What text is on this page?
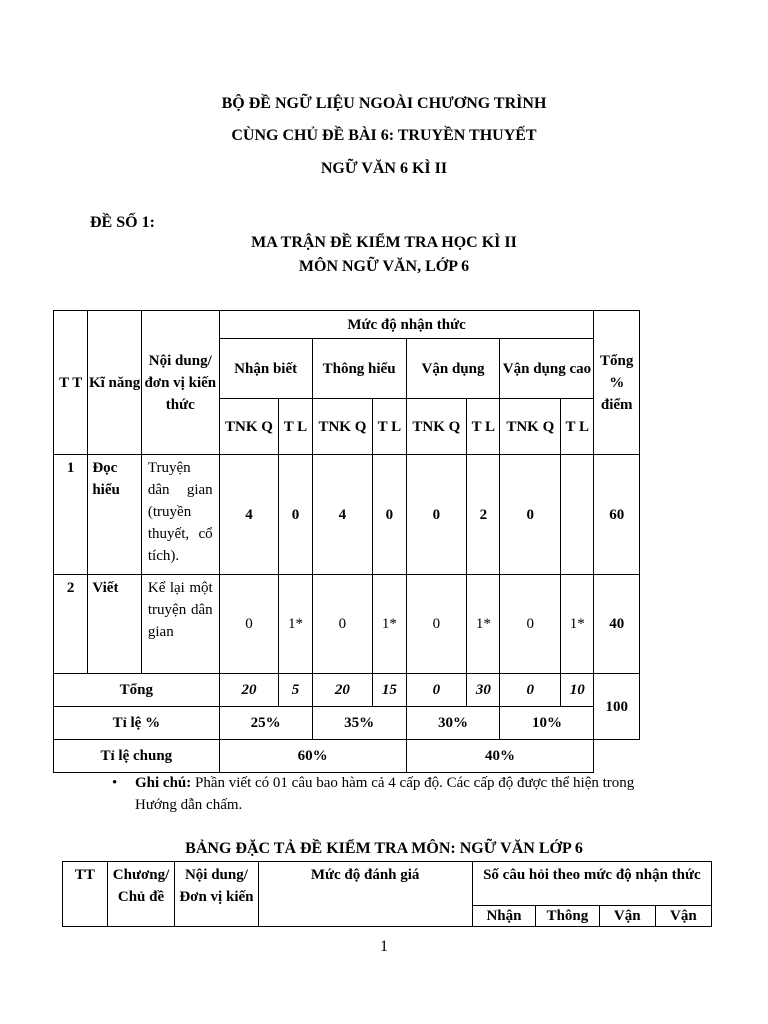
BỘ ĐỀ NGỮ LIỆU NGOÀI CHƯƠNG TRÌNH
CÙNG CHỦ ĐỀ BÀI 6: TRUYỀN THUYẾT
NGỮ VĂN 6 KÌ II
ĐỀ SỐ 1:
MA TRẬN ĐỀ KIỂM TRA HỌC KÌ II
MÔN NGỮ VĂN, LỚP 6
T T	Kĩ năng	Nội dung/đơn vị kiến thức	Mức độ nhận thức								Tổng % điểm
			Nhận biết		Thông hiểu		Vận dụng		Vận dụng cao		
			TNK Q	T L	TNK Q	T L	TNK Q	T L	TNK Q	T L	
1	Đọc hiểu	Truyện dân gian (truyền thuyết, cổ tích).	4	0	4	0	0	2	0		60
2	Viết	Kể lại một truyện dân gian	0	1*	0	1*	0	1*	0	1*	40
Tổng			20	5	20	15	0	30	0	10	100
Tỉ lệ %			25%		35%		30%		10%		
Tỉ lệ chung			60%				40%				
• Ghi chú: Phần viết có 01 câu bao hàm cả 4 cấp độ. Các cấp độ được thể hiện trong Hướng dẫn chấm.
BẢNG ĐẶC TẢ ĐỀ KIỂM TRA MÔN: NGỮ VĂN LỚP 6
TT	Chương/ Chủ đề	Nội dung/Đơn vị kiến	Mức độ đánh giá	Số câu hỏi theo mức độ nhận thức			
				Nhận	Thông	Vận	Vận
1
